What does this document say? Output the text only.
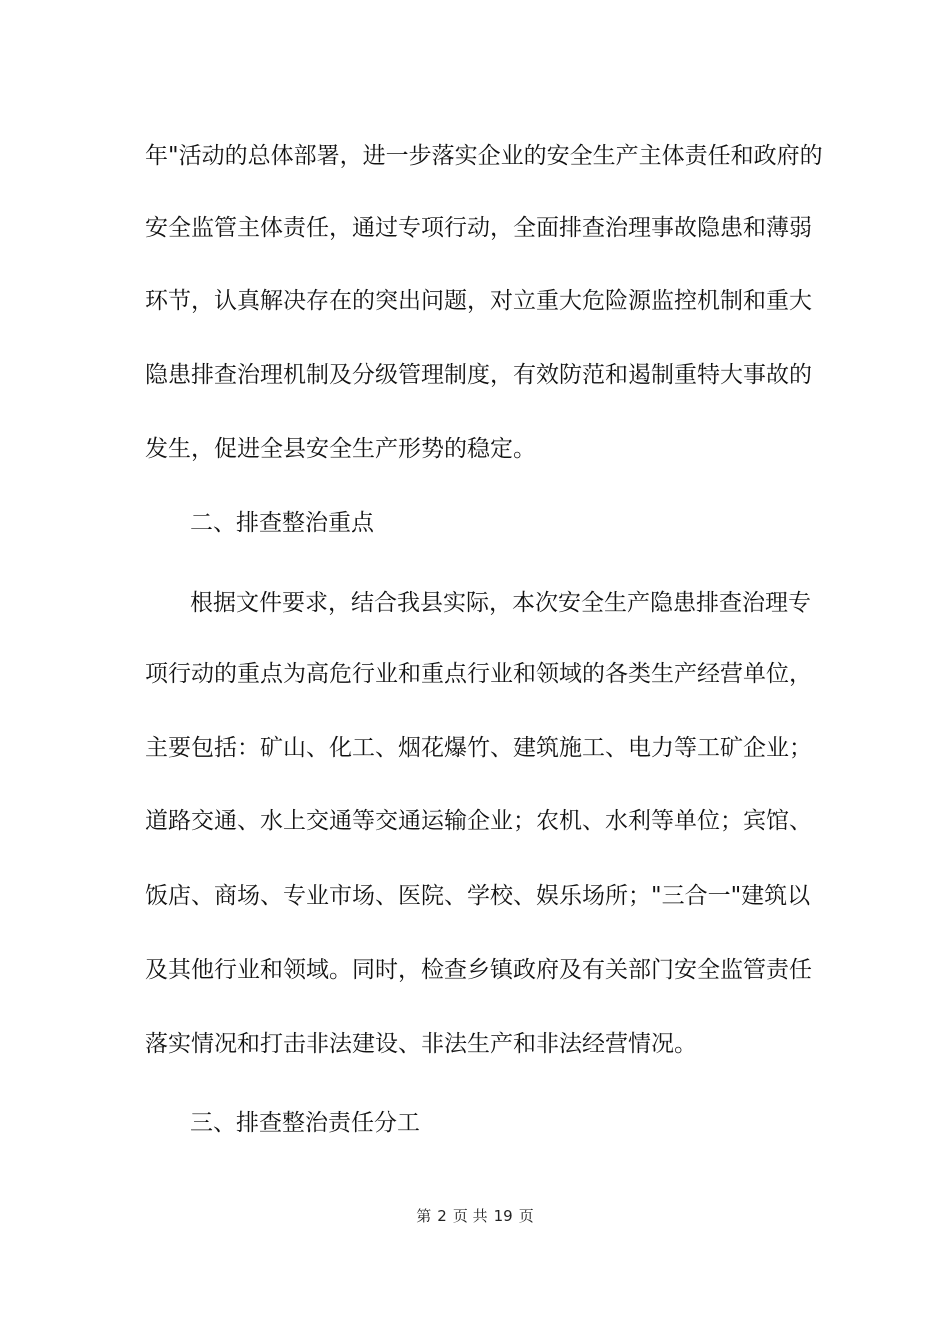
年"活动的总体部署，进一步落实企业的安全生产主体责任和政府的
安全监管主体责任，通过专项行动，全面排查治理事故隐患和薄弱
环节，认真解决存在的突出问题，对立重大危险源监控机制和重大
隐患排查治理机制及分级管理制度，有效防范和遏制重特大事故的
发生，促进全县安全生产形势的稳定。
二、排查整治重点
根据文件要求，结合我县实际，本次安全生产隐患排查治理专
项行动的重点为高危行业和重点行业和领域的各类生产经营单位，
主要包括：矿山、化工、烟花爆竹、建筑施工、电力等工矿企业；
道路交通、水上交通等交通运输企业；农机、水利等单位；宾馆、
饭店、商场、专业市场、医院、学校、娱乐场所；"三合一"建筑以
及其他行业和领域。同时，检查乡镇政府及有关部门安全监管责任
落实情况和打击非法建设、非法生产和非法经营情况。
三、排查整治责任分工
第 2 页 共 19 页
